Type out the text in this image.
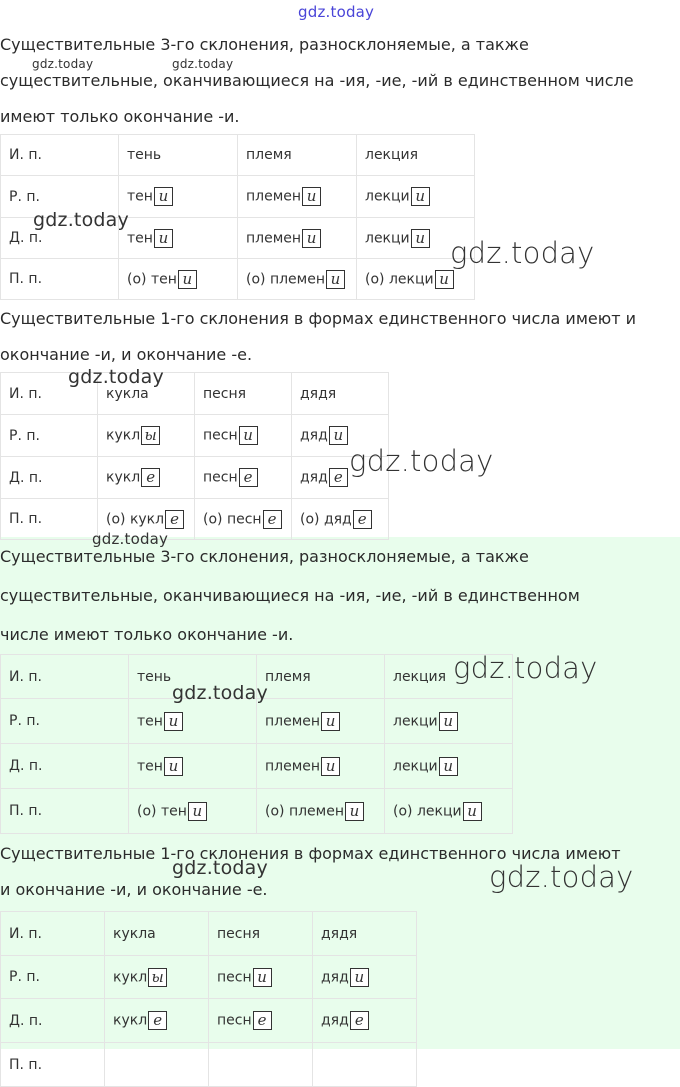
Существительные 3-го склонения, разносклоняемые, а также
существительные, оканчивающиеся на -ия, -ие, -ий в единственном числе
имеют только окончание -и.
И. п.	тень	племя	лекция
Р. п.	тен и	племен и	лекци и
Д. п.	тен и	племен и	лекци и
П. п.	(о) тен и	(о) племен и	(о) лекци и
Существительные 1-го склонения в формах единственного числа имеют и
окончание -и, и окончание -е.
И. п.	кукла	песня	дядя
Р. п.	кукл ы	песн и	дяд и
Д. п.	кукл е	песн е	дяд е
П. п.	(о) кукл е	(о) песн е	(о) дяд е
Существительные 3-го склонения, разносклоняемые, а также
существительные, оканчивающиеся на -ия, -ие, -ий в единственном
числе имеют только окончание -и.
И. п.	тень	племя	лекция
Р. п.	тен и	племен и	лекци и
Д. п.	тен и	племен и	лекци и
П. п.	(о) тен и	(о) племен и	(о) лекци и
Существительные 1-го склонения в формах единственного числа имеют
и окончание -и, и окончание -е.
И. п.	кукла	песня	дядя
Р. п.	кукл ы	песн и	дяд и
Д. п.	кукл е	песн е	дяд е
П. п.			
gdz.today
gdz.today	gdz.today
gdz.today
gdz.today
gdz.today
gdz.today
gdz.today
gdz.today
gdz.today
gdz.today	gdz.today
